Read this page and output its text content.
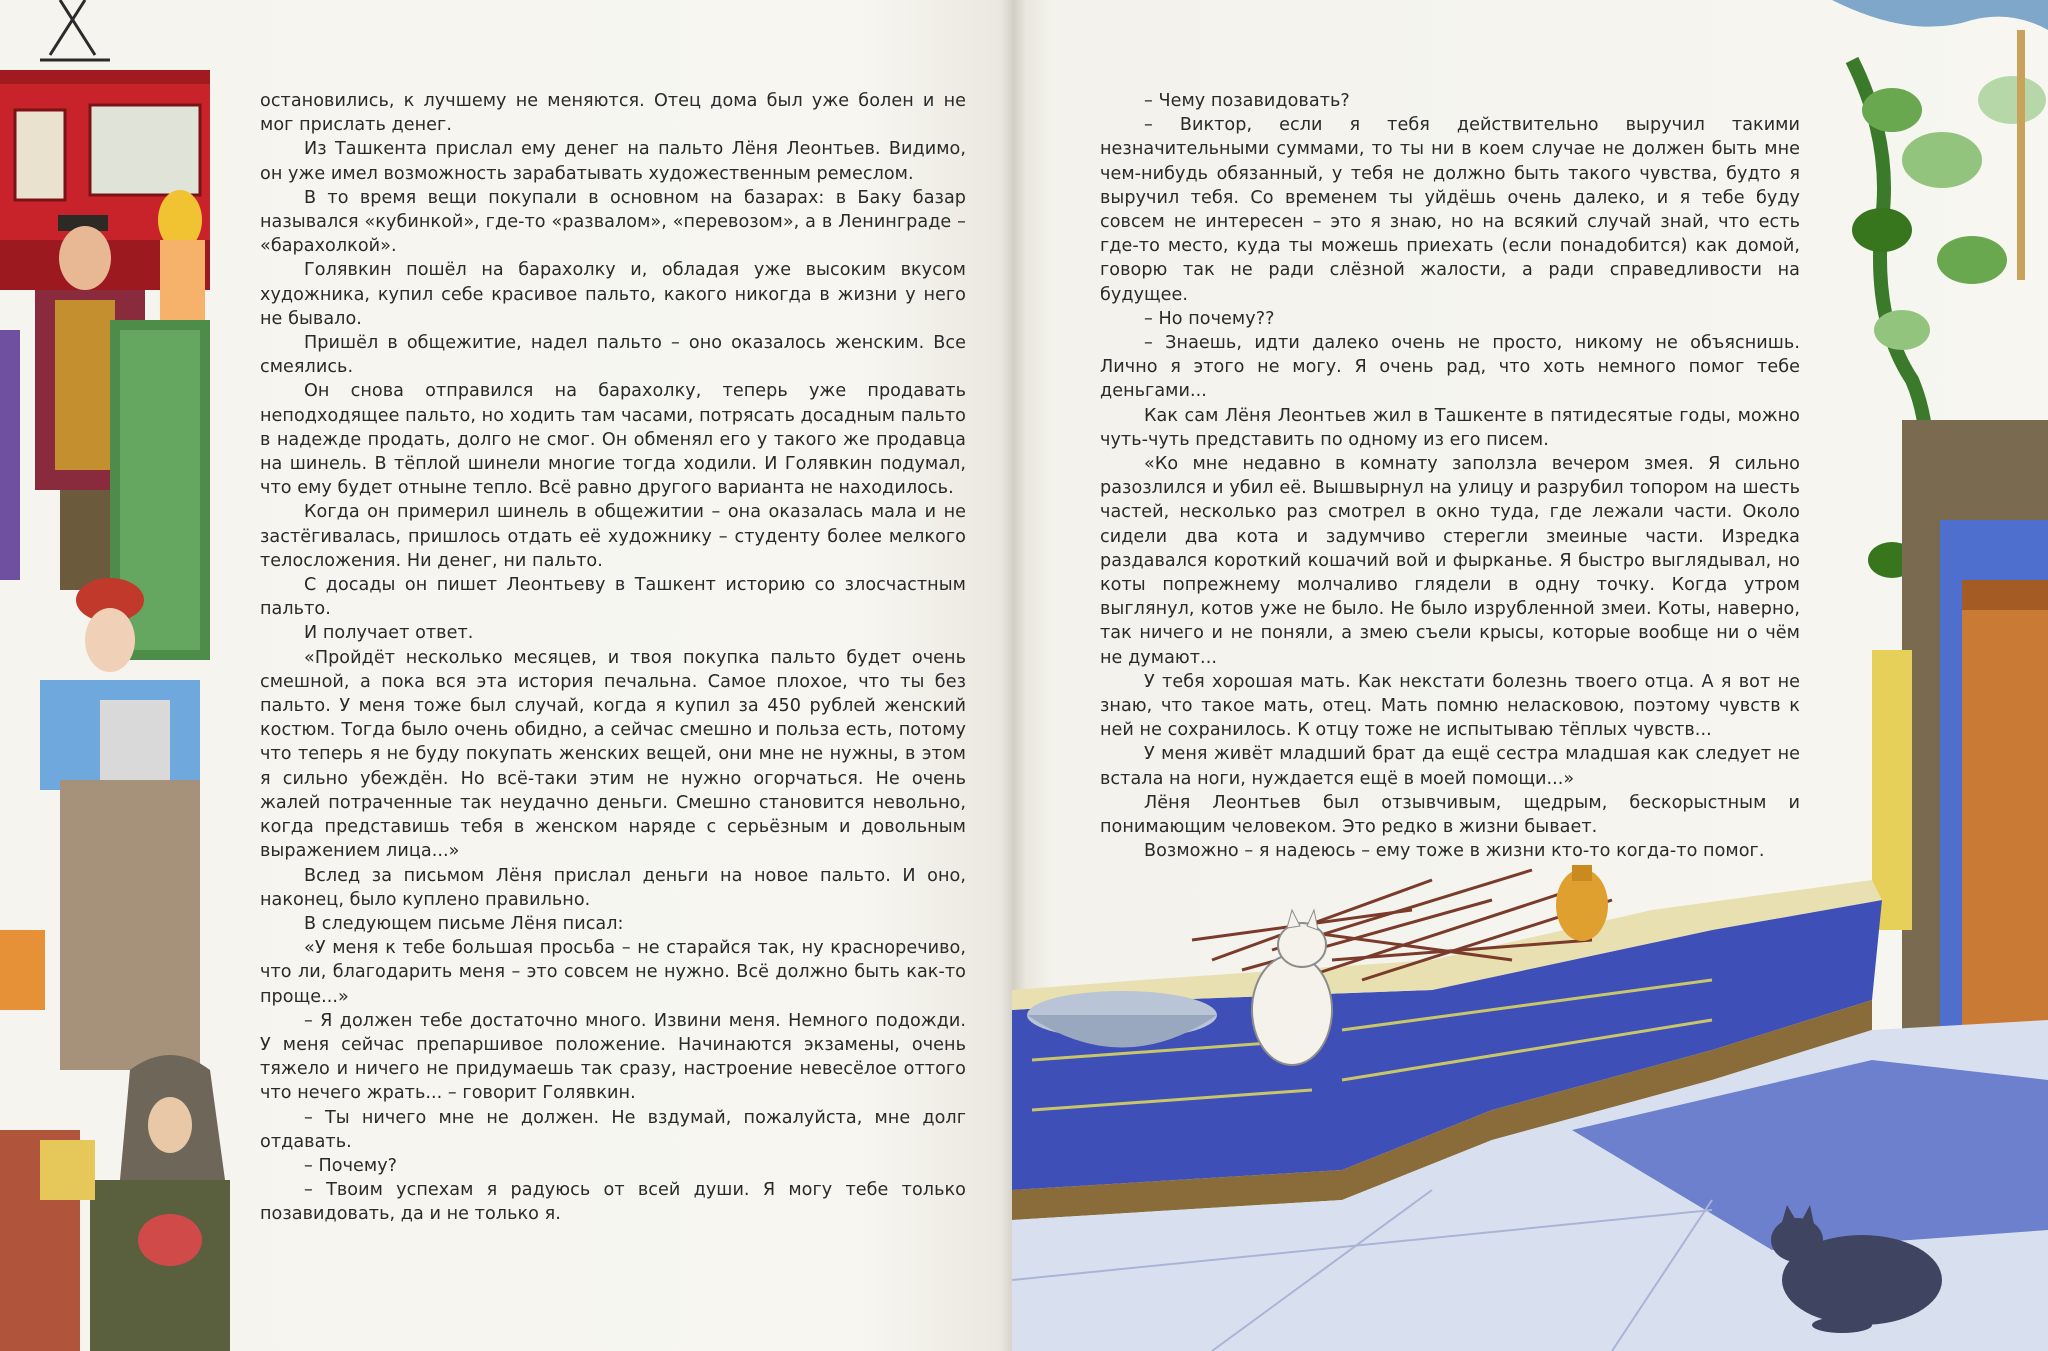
остановились, к лучшему не меняются. Отец дома был уже болен и не мог прислать денег.

Из Ташкента прислал ему денег на пальто Лёня Леонтьев. Видимо, он уже имел возможность зарабатывать художественным ремеслом.

В то время вещи покупали в основном на базарах: в Баку базар назывался «кубинкой», где-то «развалом», «перевозом», а в Ленинграде – «барахолкой».

Голявкин пошёл на барахолку и, обладая уже высоким вкусом художника, купил себе красивое пальто, какого никогда в жизни у него не бывало.

Пришёл в общежитие, надел пальто – оно оказалось женским. Все смеялись.

Он снова отправился на барахолку, теперь уже продавать неподходящее пальто, но ходить там часами, потрясать досадным пальто в надежде продать, долго не смог. Он обменял его у такого же продавца на шинель. В тёплой шинели многие тогда ходили. И Голявкин подумал, что ему будет отныне тепло. Всё равно другого варианта не находилось.

Когда он примерил шинель в общежитии – она оказалась мала и не застёгивалась, пришлось отдать её художнику – студенту более мелкого телосложения. Ни денег, ни пальто.

С досады он пишет Леонтьеву в Ташкент историю со злосчастным пальто.

И получает ответ.

«Пройдёт несколько месяцев, и твоя покупка пальто будет очень смешной, а пока вся эта история печальна. Самое плохое, что ты без пальто. У меня тоже был случай, когда я купил за 450 рублей женский костюм. Тогда было очень обидно, а сейчас смешно и польза есть, потому что теперь я не буду покупать женских вещей, они мне не нужны, в этом я сильно убеждён. Но всё-таки этим не нужно огорчаться. Не очень жалей потраченные так неудачно деньги. Смешно становится невольно, когда представишь тебя в женском наряде с серьёзным и довольным выражением лица...»

Вслед за письмом Лёня прислал деньги на новое пальто. И оно, наконец, было куплено правильно.

В следующем письме Лёня писал:

«У меня к тебе большая просьба – не старайся так, ну красноречиво, что ли, благодарить меня – это совсем не нужно. Всё должно быть как-то проще...»

– Я должен тебе достаточно много. Извини меня. Немного подожди. У меня сейчас препаршивое положение. Начинаются экзамены, очень тяжело и ничего не придумаешь так сразу, настроение невесёлое оттого что нечего жрать... – говорит Голявкин.

– Ты ничего мне не должен. Не вздумай, пожалуйста, мне долг отдавать.

– Почему?

– Твоим успехам я радуюсь от всей души. Я могу тебе только позавидовать, да и не только я.

– Чему позавидовать?

– Виктор, если я тебя действительно выручил такими незначительными суммами, то ты ни в коем случае не должен быть мне чем-нибудь обязанный, у тебя не должно быть такого чувства, будто я выручил тебя. Со временем ты уйдёшь очень далеко, и я тебе буду совсем не интересен – это я знаю, но на всякий случай знай, что есть где-то место, куда ты можешь приехать (если понадобится) как домой, говорю так не ради слёзной жалости, а ради справедливости на будущее.

– Но почему??

– Знаешь, идти далеко очень не просто, никому не объяснишь. Лично я этого не могу. Я очень рад, что хоть немного помог тебе деньгами...

Как сам Лёня Леонтьев жил в Ташкенте в пятидесятые годы, можно чуть-чуть представить по одному из его писем.

«Ко мне недавно в комнату заползла вечером змея. Я сильно разозлился и убил её. Вышвырнул на улицу и разрубил топором на шесть частей, несколько раз смотрел в окно туда, где лежали части. Около сидели два кота и задумчиво стерегли змеиные части. Изредка раздавался короткий кошачий вой и фырканье. Я быстро выглядывал, но коты попрежнему молчаливо глядели в одну точку. Когда утром выглянул, котов уже не было. Не было изрубленной змеи. Коты, наверно, так ничего и не поняли, а змею съели крысы, которые вообще ни о чём не думают...

У тебя хорошая мать. Как некстати болезнь твоего отца. А я вот не знаю, что такое мать, отец. Мать помню неласковою, поэтому чувств к ней не сохранилось. К отцу тоже не испытываю тёплых чувств...

У меня живёт младший брат да ещё сестра младшая как следует не встала на ноги, нуждается ещё в моей помощи...»

Лёня Леонтьев был отзывчивым, щедрым, бескорыстным и понимающим человеком. Это редко в жизни бывает.

Возможно – я надеюсь – ему тоже в жизни кто-то когда-то помог.
